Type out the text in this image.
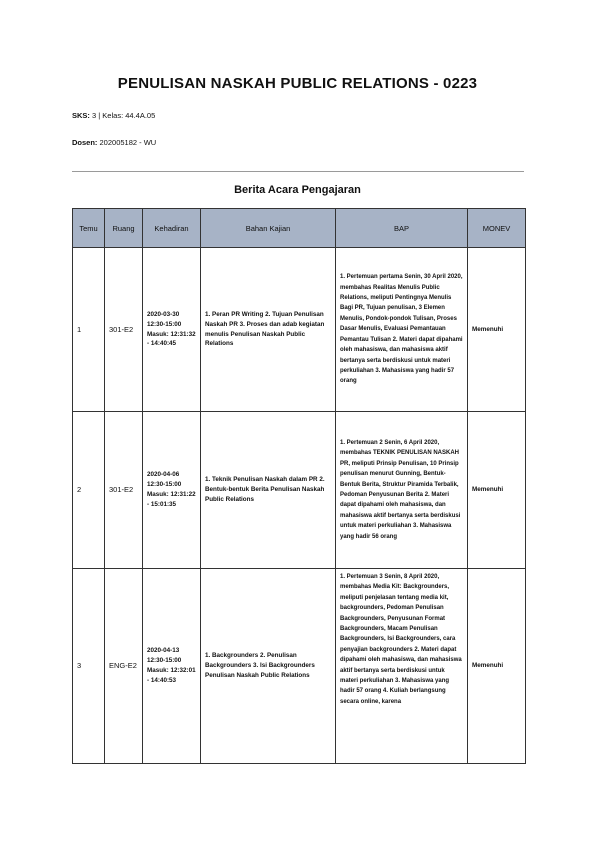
PENULISAN NASKAH PUBLIC RELATIONS - 0223
SKS: 3 | Kelas: 44.4A.05
Dosen: 202005182 - WU
Berita Acara Pengajaran
Temu	Ruang	Kehadiran	Bahan Kajian	BAP	MONEV
1	301-E2	2020-03-30 12:30-15:00 Masuk: 12:31:32 - 14:40:45	1. Peran PR Writing 2. Tujuan Penulisan Naskah PR 3. Proses dan adab kegiatan menulis Penulisan Naskah Public Relations	1. Pertemuan pertama Senin, 30 April 2020, membahas Realitas Menulis Public Relations, meliputi Pentingnya Menulis Bagi PR, Tujuan penulisan, 3 Elemen Menulis, Pondok-pondok Tulisan, Proses Dasar Menulis, Evaluasi Pemantauan Pemantau Tulisan 2. Materi dapat dipahami oleh mahasiswa, dan mahasiswa aktif bertanya serta berdiskusi untuk materi perkuliahan 3. Mahasiswa yang hadir 57 orang	Memenuhi
2	301-E2	2020-04-06 12:30-15:00 Masuk: 12:31:22 - 15:01:35	1. Teknik Penulisan Naskah dalam PR 2. Bentuk-bentuk Berita Penulisan Naskah Public Relations	1. Pertemuan 2 Senin, 6 April 2020, membahas TEKNIK PENULISAN NASKAH PR, meliputi Prinsip Penulisan, 10 Prinsip penulisan menurut Gunning, Bentuk-Bentuk Berita, Struktur Piramida Terbalik, Pedoman Penyusunan Berita 2. Materi dapat dipahami oleh mahasiswa, dan mahasiswa aktif bertanya serta berdiskusi untuk materi perkuliahan 3. Mahasiswa yang hadir 56 orang	Memenuhi
3	ENG-E2	2020-04-13 12:30-15:00 Masuk: 12:32:01 - 14:40:53	1. Backgrounders 2. Penulisan Backgrounders 3. Isi Backgrounders Penulisan Naskah Public Relations	1. Pertemuan 3 Senin, 8 April 2020, membahas Media Kit: Backgrounders, meliputi penjelasan tentang media kit, backgrounders, Pedoman Penulisan Backgrounders, Penyusunan Format Backgrounders, Macam Penulisan Backgrounders, Isi Backgrounders, cara penyajian backgrounders 2. Materi dapat dipahami oleh mahasiswa, dan mahasiswa aktif bertanya serta berdiskusi untuk materi perkuliahan 3. Mahasiswa yang hadir 57 orang 4. Kuliah berlangsung secara online, karena	Memenuhi
